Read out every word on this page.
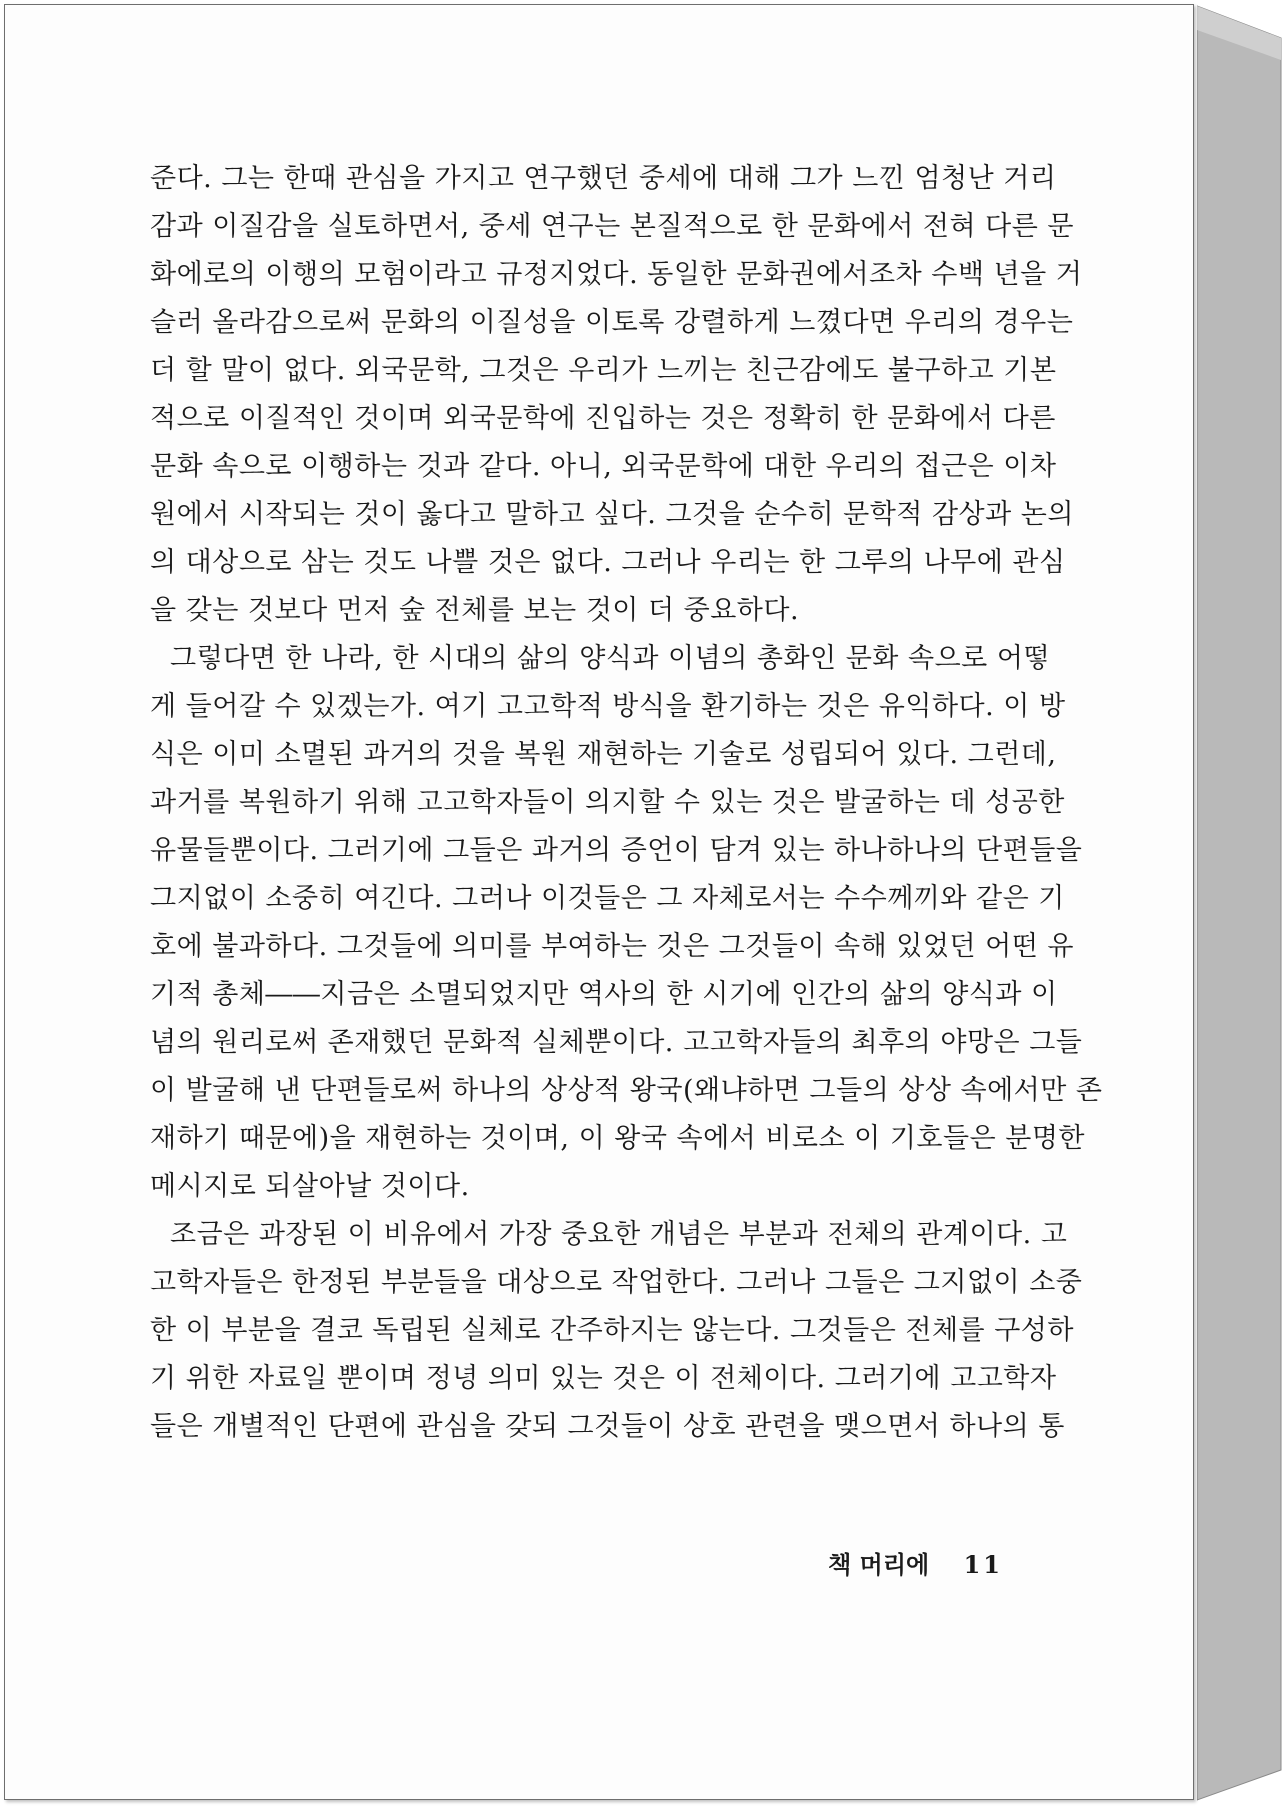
준다. 그는 한때 관심을 가지고 연구했던 중세에 대해 그가 느낀 엄청난 거리
감과 이질감을 실토하면서, 중세 연구는 본질적으로 한 문화에서 전혀 다른 문
화에로의 이행의 모험이라고 규정지었다. 동일한 문화권에서조차 수백 년을 거
슬러 올라감으로써 문화의 이질성을 이토록 강렬하게 느꼈다면 우리의 경우는
더 할 말이 없다. 외국문학, 그것은 우리가 느끼는 친근감에도 불구하고 기본
적으로 이질적인 것이며 외국문학에 진입하는 것은 정확히 한 문화에서 다른
문화 속으로 이행하는 것과 같다. 아니, 외국문학에 대한 우리의 접근은 이차
원에서 시작되는 것이 옳다고 말하고 싶다. 그것을 순수히 문학적 감상과 논의
의 대상으로 삼는 것도 나쁠 것은 없다. 그러나 우리는 한 그루의 나무에 관심
을 갖는 것보다 먼저 숲 전체를 보는 것이 더 중요하다.
그렇다면 한 나라, 한 시대의 삶의 양식과 이념의 총화인 문화 속으로 어떻
게 들어갈 수 있겠는가. 여기 고고학적 방식을 환기하는 것은 유익하다. 이 방
식은 이미 소멸된 과거의 것을 복원 재현하는 기술로 성립되어 있다. 그런데,
과거를 복원하기 위해 고고학자들이 의지할 수 있는 것은 발굴하는 데 성공한
유물들뿐이다. 그러기에 그들은 과거의 증언이 담겨 있는 하나하나의 단편들을
그지없이 소중히 여긴다. 그러나 이것들은 그 자체로서는 수수께끼와 같은 기
호에 불과하다. 그것들에 의미를 부여하는 것은 그것들이 속해 있었던 어떤 유
기적 총체――지금은 소멸되었지만 역사의 한 시기에 인간의 삶의 양식과 이
념의 원리로써 존재했던 문화적 실체뿐이다. 고고학자들의 최후의 야망은 그들
이 발굴해 낸 단편들로써 하나의 상상적 왕국(왜냐하면 그들의 상상 속에서만 존
재하기 때문에)을 재현하는 것이며, 이 왕국 속에서 비로소 이 기호들은 분명한
메시지로 되살아날 것이다.
조금은 과장된 이 비유에서 가장 중요한 개념은 부분과 전체의 관계이다. 고
고학자들은 한정된 부분들을 대상으로 작업한다. 그러나 그들은 그지없이 소중
한 이 부분을 결코 독립된 실체로 간주하지는 않는다. 그것들은 전체를 구성하
기 위한 자료일 뿐이며 정녕 의미 있는 것은 이 전체이다. 그러기에 고고학자
들은 개별적인 단편에 관심을 갖되 그것들이 상호 관련을 맺으면서 하나의 통
책 머리에 11
